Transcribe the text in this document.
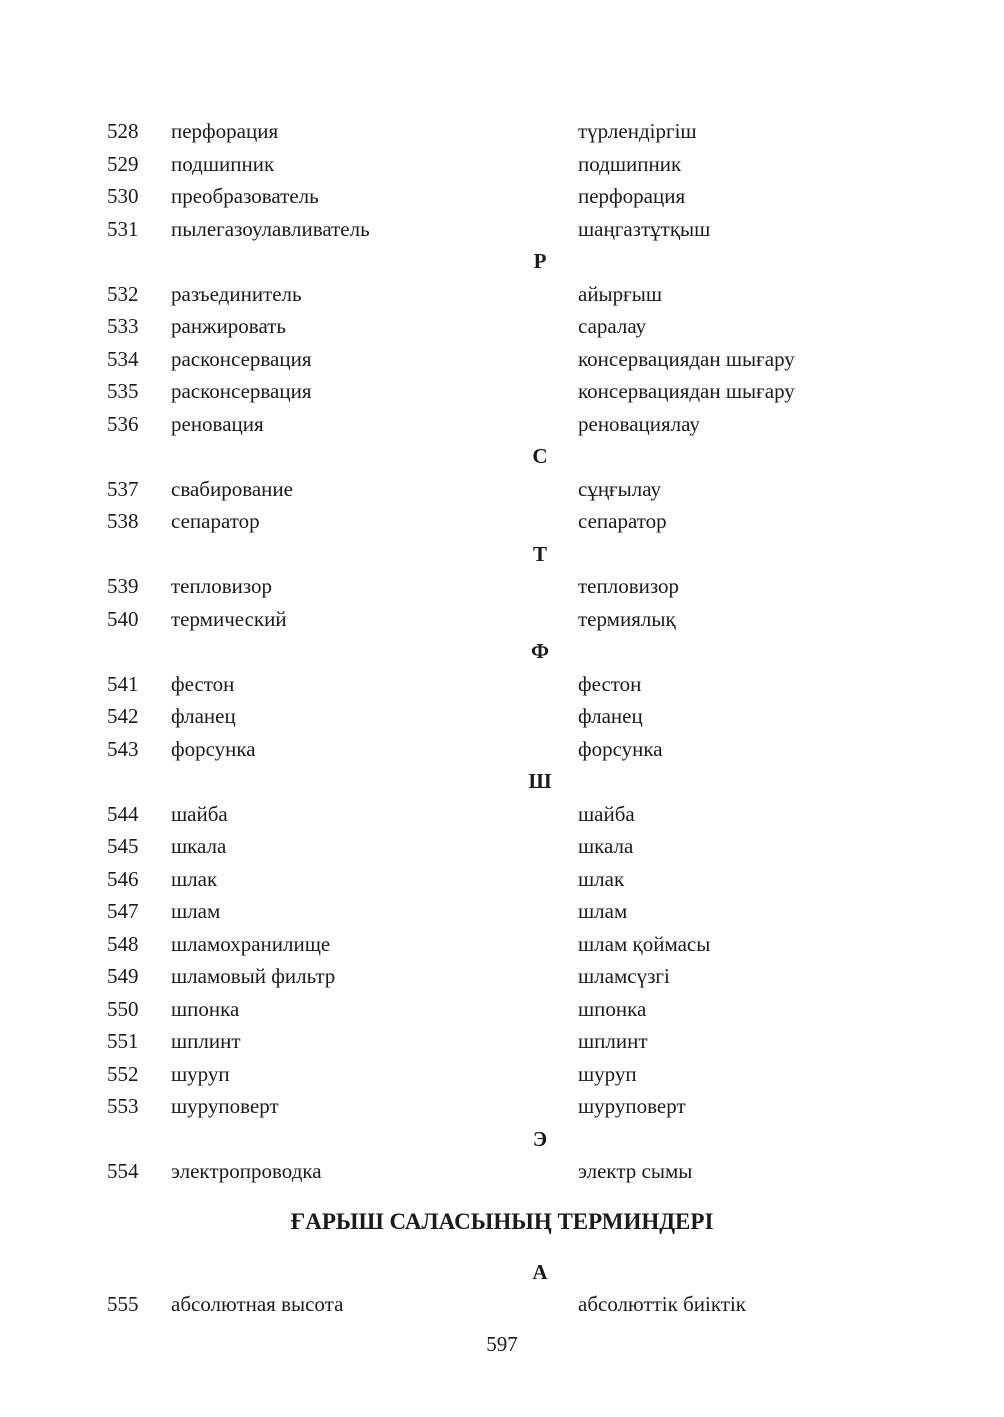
528 перфорация	түрлендіргіш
529 подшипник	подшипник
530 преобразователь	перфорация
531 пылегазоулавливатель	шаңгазтұтқыш
Р
532 разъединитель	айырғыш
533 ранжировать	саралау
534 расконсервация	консервациядан шығару
535 расконсервация	консервациядан шығару
536 реновация	реновациялау
С
537 свабирование	сұңғылау
538 сепаратор	сепаратор
Т
539 тепловизор	тепловизор
540 термический	термиялық
Ф
541 фестон	фестон
542 фланец	фланец
543 форсунка	форсунка
Ш
544 шайба	шайба
545 шкала	шкала
546 шлак	шлак
547 шлам	шлам
548 шламохранилище	шлам қоймасы
549 шламовый фильтр	шламсүзгі
550 шпонка	шпонка
551 шплинт	шплинт
552 шуруп	шуруп
553 шуруповерт	шуруповерт
Э
554 электропроводка	электр сымы
ҒАРЫШ САЛАСЫНЫҢ ТЕРМИНДЕРІ
А
555 абсолютная высота	абсолюттік биіктік
597
